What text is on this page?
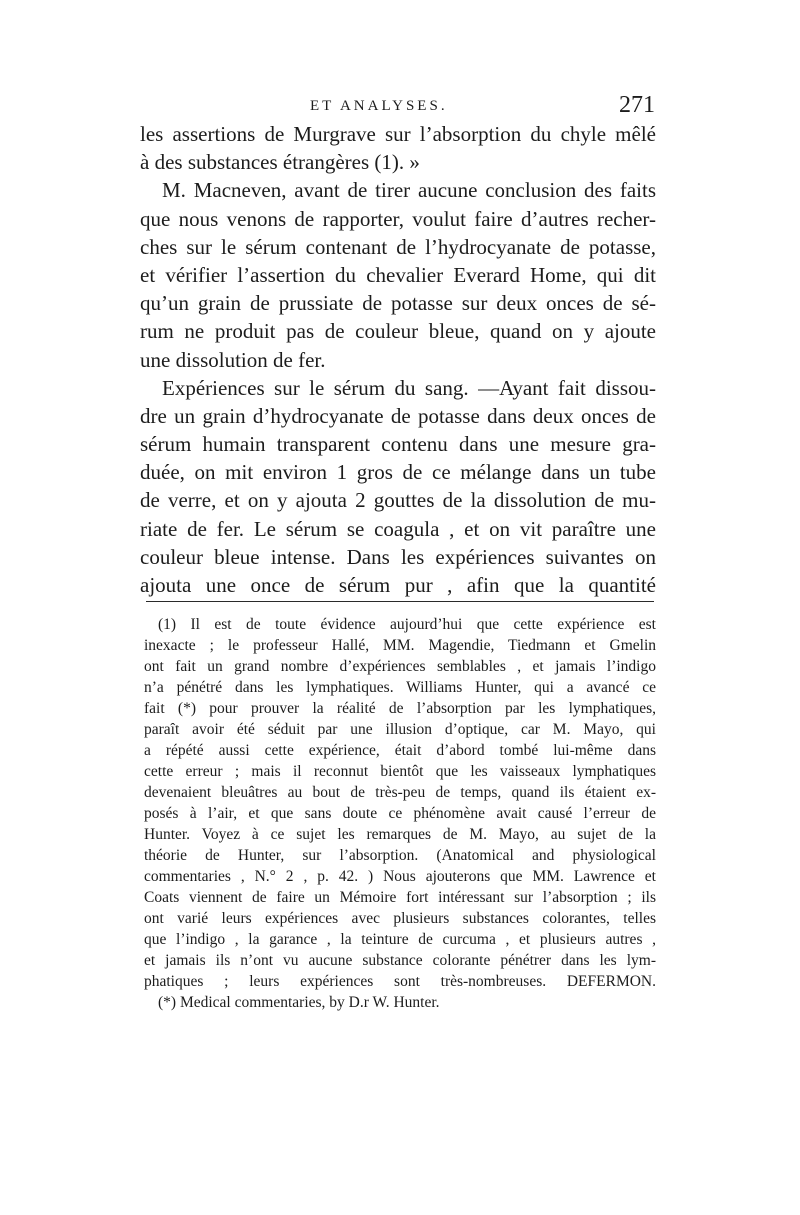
ET ANALYSES.	271
les assertions de Murgrave sur l’absorption du chyle mêlé
à des substances étrangères (1). »
M. Macneven, avant de tirer aucune conclusion des faits
que nous venons de rapporter, voulut faire d’autres recher-
ches sur le sérum contenant de l’hydrocyanate de potasse,
et vérifier l’assertion du chevalier Everard Home, qui dit
qu’un grain de prussiate de potasse sur deux onces de sé-
rum ne produit pas de couleur bleue, quand on y ajoute
une dissolution de fer.
Expériences sur le sérum du sang. —Ayant fait dissou-
dre un grain d’hydrocyanate de potasse dans deux onces de
sérum humain transparent contenu dans une mesure gra-
duée, on mit environ 1 gros de ce mélange dans un tube
de verre, et on y ajouta 2 gouttes de la dissolution de mu-
riate de fer. Le sérum se coagula , et on vit paraître une
couleur bleue intense. Dans les expériences suivantes on
ajouta une once de sérum pur , afin que la quantité
(1) Il est de toute évidence aujourd’hui que cette expérience est
inexacte ; le professeur Hallé, MM. Magendie, Tiedmann et Gmelin
ont fait un grand nombre d’expériences semblables , et jamais l’indigo
n’a pénétré dans les lymphatiques. Williams Hunter, qui a avancé ce
fait (*) pour prouver la réalité de l’absorption par les lymphatiques,
paraît avoir été séduit par une illusion d’optique, car M. Mayo, qui
a répété aussi cette expérience, était d’abord tombé lui-même dans
cette erreur ; mais il reconnut bientôt que les vaisseaux lymphatiques
devenaient bleuâtres au bout de très-peu de temps, quand ils étaient ex-
posés à l’air, et que sans doute ce phénomène avait causé l’erreur de
Hunter. Voyez à ce sujet les remarques de M. Mayo, au sujet de la
théorie de Hunter, sur l’absorption. (Anatomical and physiological
commentaries , N.° 2 , p. 42. ) Nous ajouterons que MM. Lawrence et
Coats viennent de faire un Mémoire fort intéressant sur l’absorption ; ils
ont varié leurs expériences avec plusieurs substances colorantes, telles
que l’indigo , la garance , la teinture de curcuma , et plusieurs autres ,
et jamais ils n’ont vu aucune substance colorante pénétrer dans les lym-
phatiques ; leurs expériences sont très-nombreuses. DEFERMON.
(*) Medical commentaries, by D.r W. Hunter.
